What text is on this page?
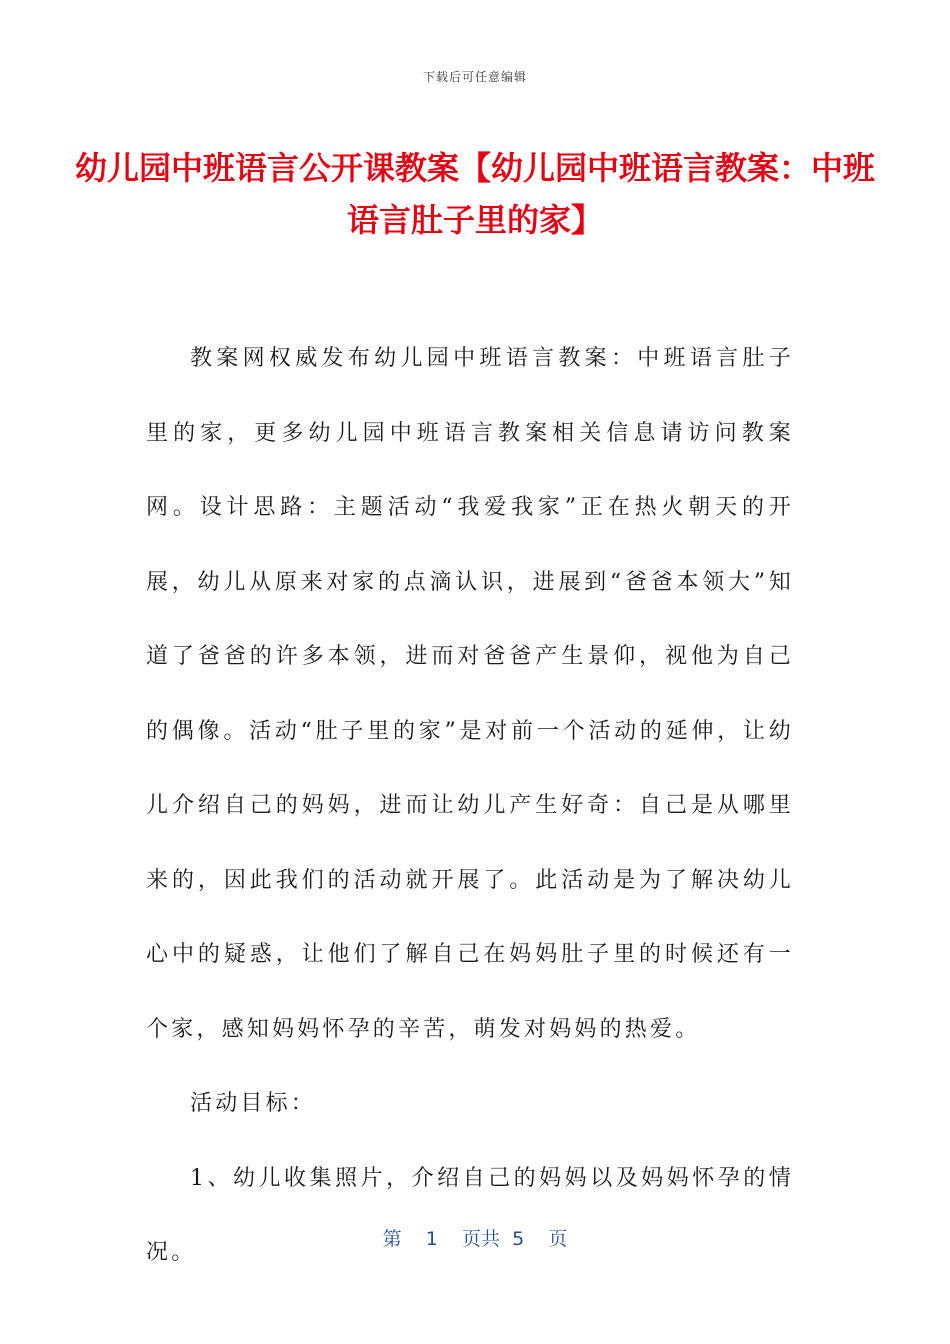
下载后可任意编辑
幼儿园中班语言公开课教案【幼儿园中班语言教案：中班语言肚子里的家】

教案网权威发布幼儿园中班语言教案：中班语言肚子里的家，更多幼儿园中班语言教案相关信息请访问教案网。设计思路：主题活动“我爱我家”正在热火朝天的开展，幼儿从原来对家的点滴认识，进展到“爸爸本领大”知道了爸爸的许多本领，进而对爸爸产生景仰，视他为自己的偶像。活动“肚子里的家”是对前一个活动的延伸，让幼儿介绍自己的妈妈，进而让幼儿产生好奇：自己是从哪里来的，因此我们的活动就开展了。此活动是为了解决幼儿心中的疑惑，让他们了解自己在妈妈肚子里的时候还有一个家，感知妈妈怀孕的辛苦，萌发对妈妈的热爱。

活动目标：

1、幼儿收集照片，介绍自己的妈妈以及妈妈怀孕的情况。

第 1 页共 5 页
